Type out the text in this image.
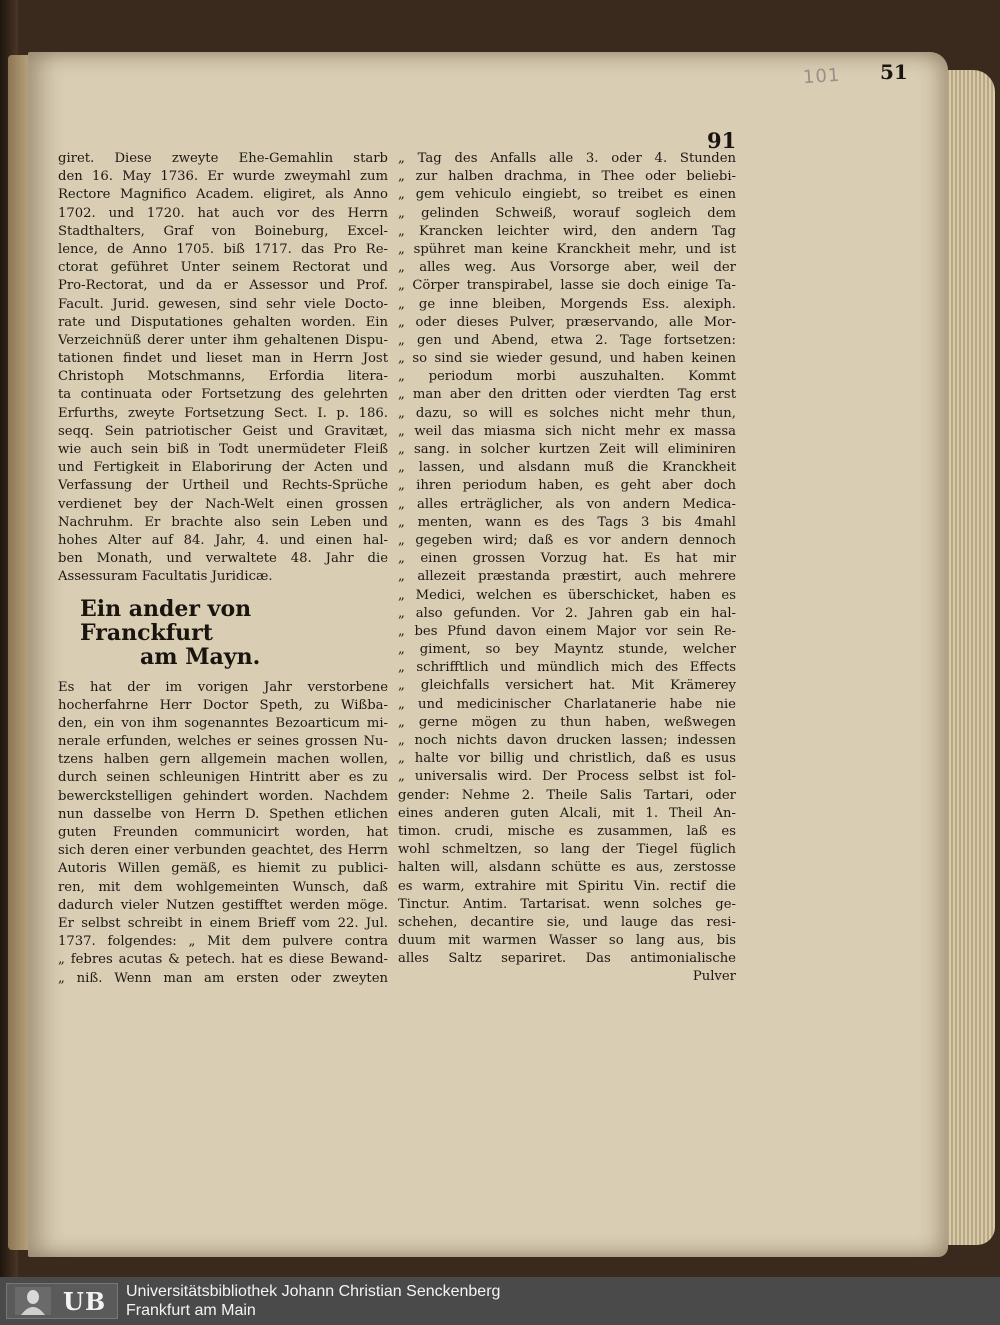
101 51
91
giret. Diese zweyte Ehe-Gemahlin starb
den 16. May 1736. Er wurde zweymahl zum
Rectore Magnifico Academ. eligiret, als Anno
1702. und 1720. hat auch vor des Herrn
Stadthalters, Graf von Boineburg, Excel-
lence, de Anno 1705. biß 1717. das Pro Re-
ctorat geführet Unter seinem Rectorat und
Pro-Rectorat, und da er Assessor und Prof.
Facult. Jurid. gewesen, sind sehr viele Docto-
rate und Disputationes gehalten worden. Ein
Verzeichnüß derer unter ihm gehaltenen Dispu-
tationen findet und lieset man in Herrn Jost
Christoph Motschmanns, Erfordia litera-
ta continuata oder Fortsetzung des gelehrten
Erfurths, zweyte Fortsetzung Sect. I. p. 186.
seqq. Sein patriotischer Geist und Gravitæt,
wie auch sein biß in Todt unermüdeter Fleiß
und Fertigkeit in Elaborirung der Acten und
Verfassung der Urtheil und Rechts-Sprüche
verdienet bey der Nach-Welt einen grossen
Nachruhm. Er brachte also sein Leben und
hohes Alter auf 84. Jahr, 4. und einen hal-
ben Monath, und verwaltete 48. Jahr die
Assessuram Facultatis Juridicæ.
Ein ander von Franckfurt
am Mayn.
Es hat der im vorigen Jahr verstorbene
hocherfahrne Herr Doctor Speth, zu Wißba-
den, ein von ihm sogenanntes Bezoarticum mi-
nerale erfunden, welches er seines grossen Nu-
tzens halben gern allgemein machen wollen,
durch seinen schleunigen Hintritt aber es zu
bewerckstelligen gehindert worden. Nachdem
nun dasselbe von Herrn D. Spethen etlichen
guten Freunden communicirt worden, hat
sich deren einer verbunden geachtet, des Herrn
Autoris Willen gemäß, es hiemit zu publici-
ren, mit dem wohlgemeinten Wunsch, daß
dadurch vieler Nutzen gestifftet werden möge.
Er selbst schreibt in einem Brieff vom 22. Jul.
1737. folgendes: „ Mit dem pulvere contra
„ febres acutas & petech. hat es diese Bewand-
„ niß. Wenn man am ersten oder zweyten
„ Tag des Anfalls alle 3. oder 4. Stunden
„ zur halben drachma, in Thee oder beliebi-
„ gem vehiculo eingiebt, so treibet es einen
„ gelinden Schweiß, worauf sogleich dem
„ Krancken leichter wird, den andern Tag
„ spühret man keine Kranckheit mehr, und ist
„ alles weg. Aus Vorsorge aber, weil der
„ Cörper transpirabel, lasse sie doch einige Ta-
„ ge inne bleiben, Morgends Ess. alexiph.
„ oder dieses Pulver, præservando, alle Mor-
„ gen und Abend, etwa 2. Tage fortsetzen:
„ so sind sie wieder gesund, und haben keinen
„ periodum morbi auszuhalten. Kommt
„ man aber den dritten oder vierdten Tag erst
„ dazu, so will es solches nicht mehr thun,
„ weil das miasma sich nicht mehr ex massa
„ sang. in solcher kurtzen Zeit will eliminiren
„ lassen, und alsdann muß die Kranckheit
„ ihren periodum haben, es geht aber doch
„ alles erträglicher, als von andern Medica-
„ menten, wann es des Tags 3 bis 4mahl
„ gegeben wird; daß es vor andern dennoch
„ einen grossen Vorzug hat. Es hat mir
„ allezeit præstanda præstirt, auch mehrere
„ Medici, welchen es überschicket, haben es
„ also gefunden. Vor 2. Jahren gab ein hal-
„ bes Pfund davon einem Major vor sein Re-
„ giment, so bey Mayntz stunde, welcher
„ schrifftlich und mündlich mich des Effects
„ gleichfalls versichert hat. Mit Krämerey
„ und medicinischer Charlatanerie habe nie
„ gerne mögen zu thun haben, weßwegen
„ noch nichts davon drucken lassen; indessen
„ halte vor billig und christlich, daß es usus
„ universalis wird. Der Process selbst ist fol-
gender: Nehme 2. Theile Salis Tartari, oder
eines anderen guten Alcali, mit 1. Theil An-
timon. crudi, mische es zusammen, laß es
wohl schmeltzen, so lang der Tiegel füglich
halten will, alsdann schütte es aus, zerstosse
es warm, extrahire mit Spiritu Vin. rectif die
Tinctur. Antim. Tartarisat. wenn solches ge-
schehen, decantire sie, und lauge das resi-
duum mit warmen Wasser so lang aus, bis
alles Saltz separiret. Das antimonialische
Pulver
UB Universitätsbibliothek Johann Christian Senckenberg
Frankfurt am Main
